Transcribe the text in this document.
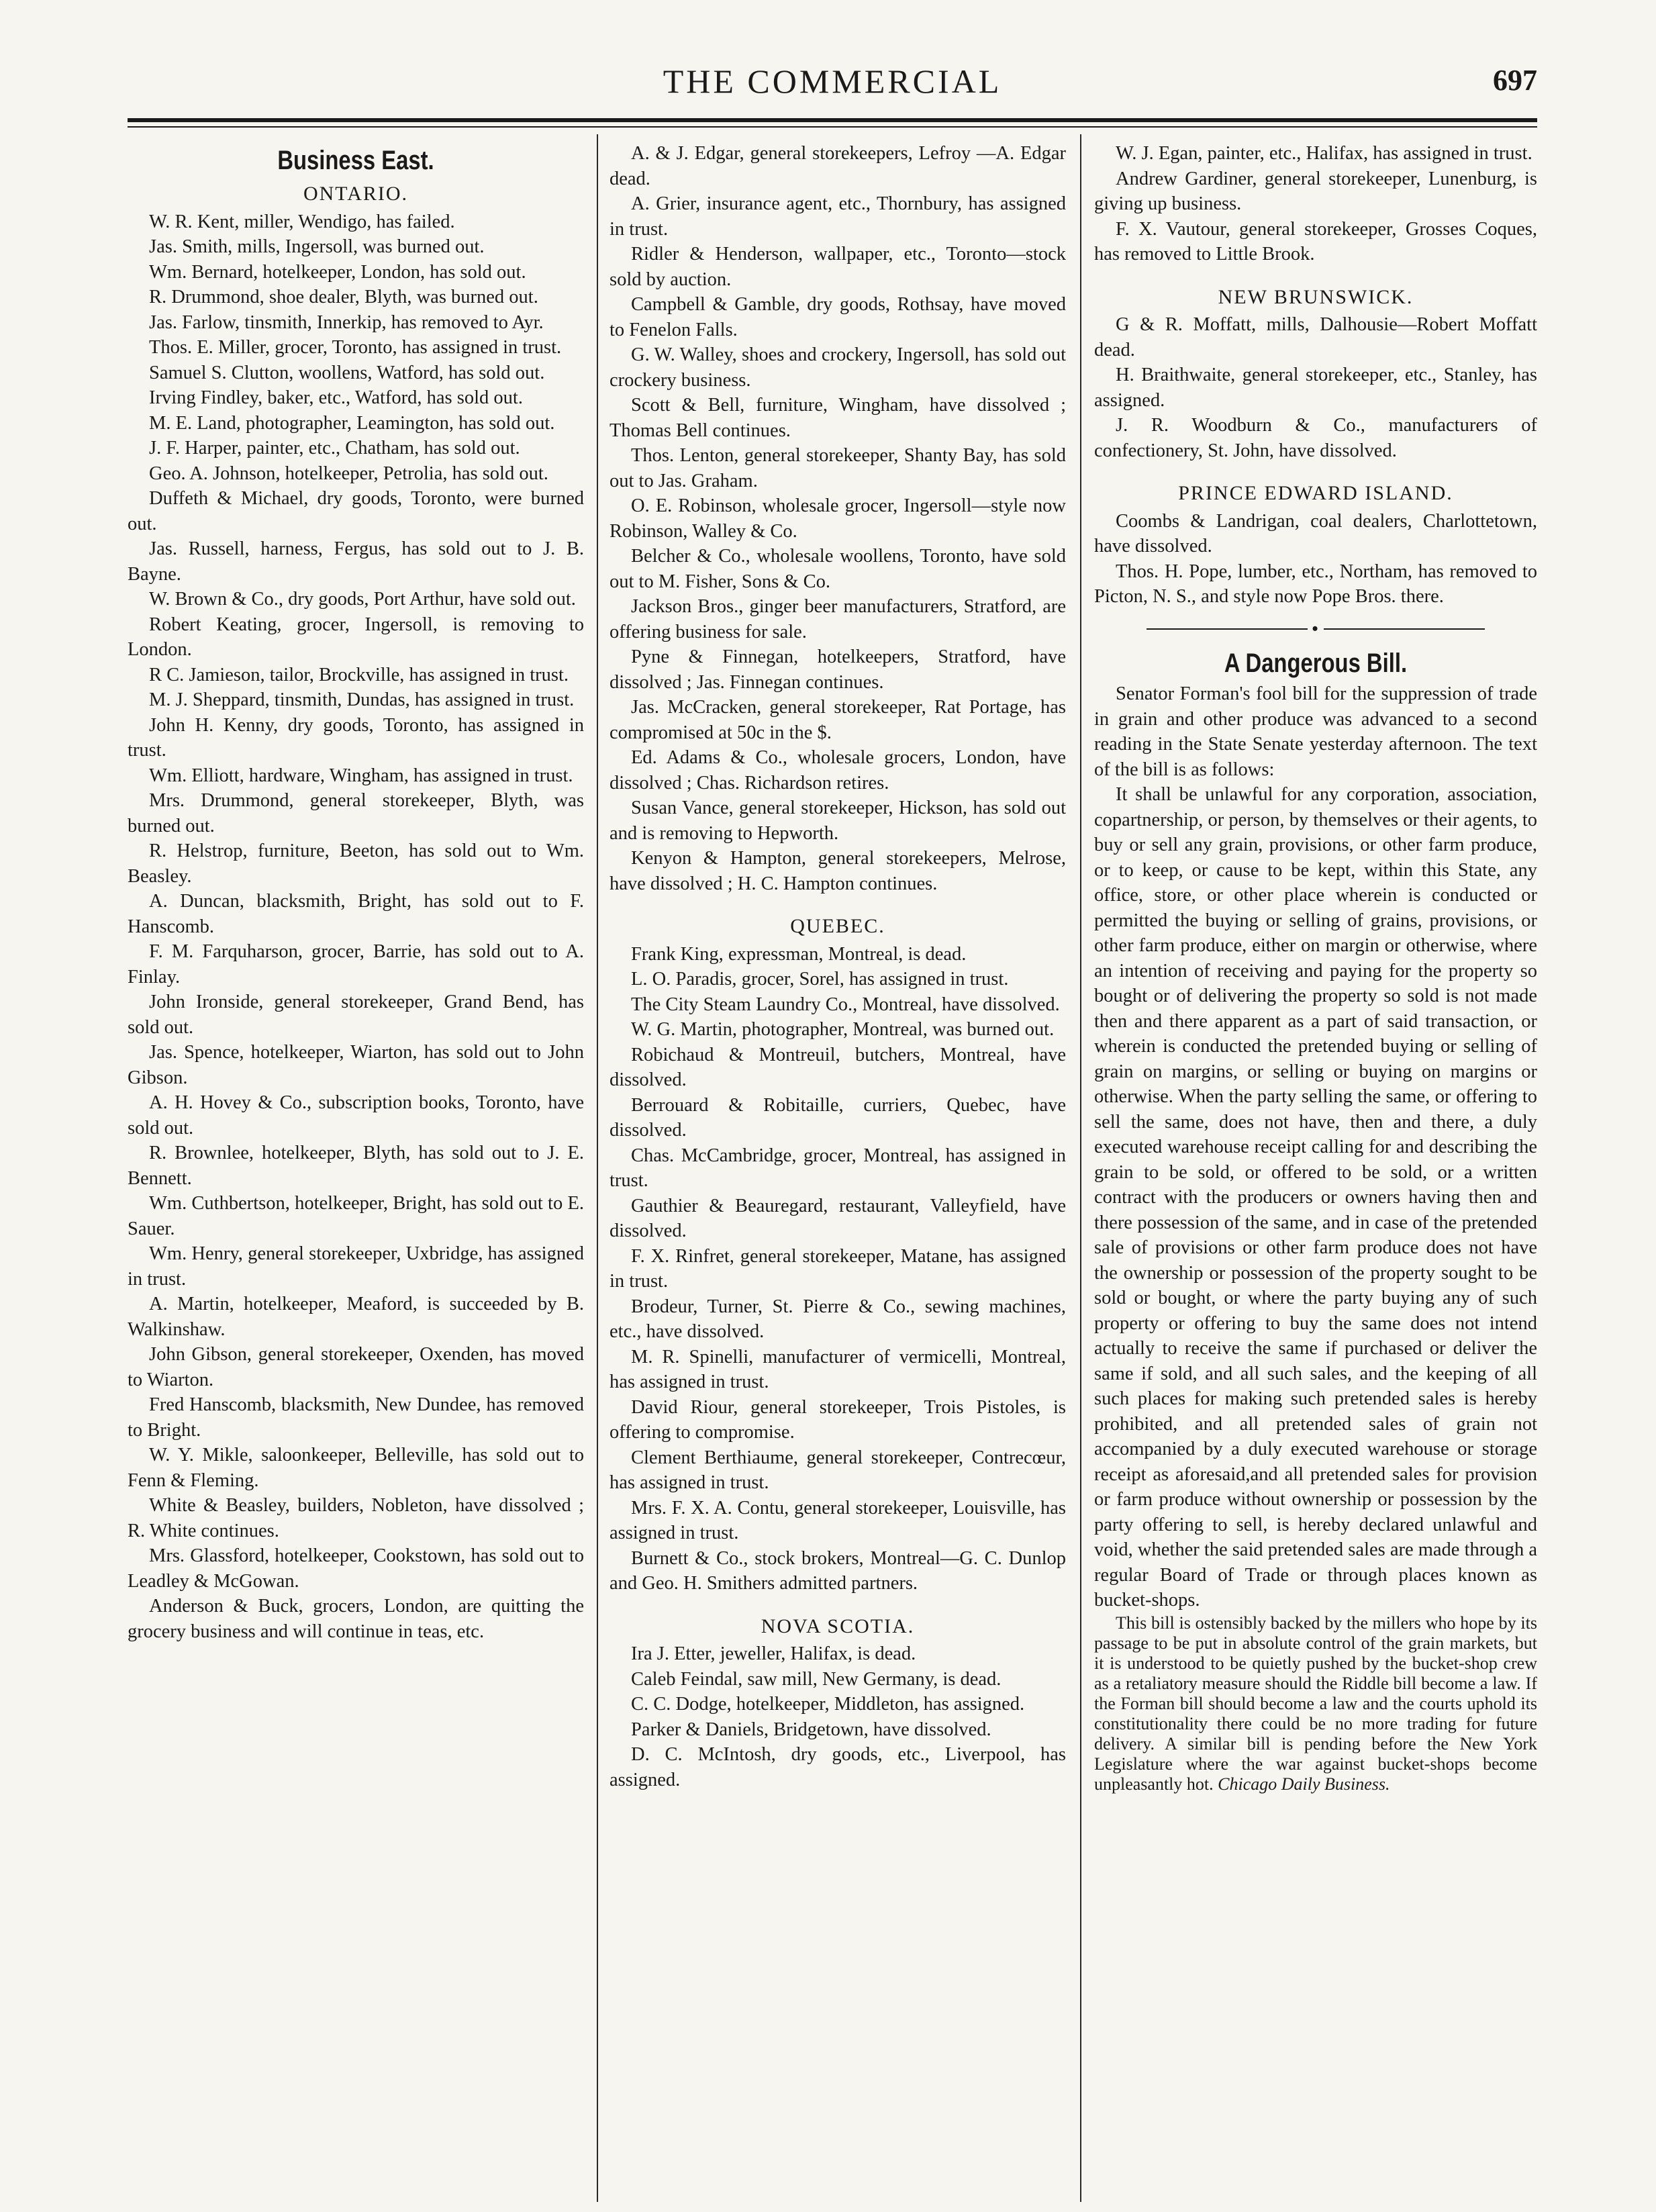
THE COMMERCIAL	697
Business East.
ONTARIO.

W. R. Kent, miller, Wendigo, has failed.

Jas. Smith, mills, Ingersoll, was burned out.

Wm. Bernard, hotelkeeper, London, has sold out.

R. Drummond, shoe dealer, Blyth, was burned out.

Jas. Farlow, tinsmith, Innerkip, has removed to Ayr.

Thos. E. Miller, grocer, Toronto, has assigned in trust.

Samuel S. Clutton, woollens, Watford, has sold out.

Irving Findley, baker, etc., Watford, has sold out.

M. E. Land, photographer, Leamington, has sold out.

J. F. Harper, painter, etc., Chatham, has sold out.

Geo. A. Johnson, hotelkeeper, Petrolia, has sold out.

Duffeth & Michael, dry goods, Toronto, were burned out.

Jas. Russell, harness, Fergus, has sold out to J. B. Bayne.

W. Brown & Co., dry goods, Port Arthur, have sold out.

Robert Keating, grocer, Ingersoll, is removing to London.

R C. Jamieson, tailor, Brockville, has assigned in trust.

M. J. Sheppard, tinsmith, Dundas, has assigned in trust.

John H. Kenny, dry goods, Toronto, has assigned in trust.

Wm. Elliott, hardware, Wingham, has assigned in trust.

Mrs. Drummond, general storekeeper, Blyth, was burned out.

R. Helstrop, furniture, Beeton, has sold out to Wm. Beasley.

A. Duncan, blacksmith, Bright, has sold out to F. Hanscomb.

F. M. Farquharson, grocer, Barrie, has sold out to A. Finlay.

John Ironside, general storekeeper, Grand Bend, has sold out.

Jas. Spence, hotelkeeper, Wiarton, has sold out to John Gibson.

A. H. Hovey & Co., subscription books, Toronto, have sold out.

R. Brownlee, hotelkeeper, Blyth, has sold out to J. E. Bennett.

Wm. Cuthbertson, hotelkeeper, Bright, has sold out to E. Sauer.

Wm. Henry, general storekeeper, Uxbridge, has assigned in trust.

A. Martin, hotelkeeper, Meaford, is succeeded by B. Walkinshaw.

John Gibson, general storekeeper, Oxenden, has moved to Wiarton.

Fred Hanscomb, blacksmith, New Dundee, has removed to Bright.

W. Y. Mikle, saloonkeeper, Belleville, has sold out to Fenn & Fleming.

White & Beasley, builders, Nobleton, have dissolved ; R. White continues.

Mrs. Glassford, hotelkeeper, Cookstown, has sold out to Leadley & McGowan.

Anderson & Buck, grocers, London, are quitting the grocery business and will continue in teas, etc.

A. & J. Edgar, general storekeepers, Lefroy —A. Edgar dead.

A. Grier, insurance agent, etc., Thornbury, has assigned in trust.

Ridler & Henderson, wallpaper, etc., Toronto—stock sold by auction.

Campbell & Gamble, dry goods, Rothsay, have moved to Fenelon Falls.

G. W. Walley, shoes and crockery, Ingersoll, has sold out crockery business.

Scott & Bell, furniture, Wingham, have dissolved ; Thomas Bell continues.

Thos. Lenton, general storekeeper, Shanty Bay, has sold out to Jas. Graham.

O. E. Robinson, wholesale grocer, Ingersoll—style now Robinson, Walley & Co.

Belcher & Co., wholesale woollens, Toronto, have sold out to M. Fisher, Sons & Co.

Jackson Bros., ginger beer manufacturers, Stratford, are offering business for sale.

Pyne & Finnegan, hotelkeepers, Stratford, have dissolved ; Jas. Finnegan continues.

Jas. McCracken, general storekeeper, Rat Portage, has compromised at 50c in the $.

Ed. Adams & Co., wholesale grocers, London, have dissolved ; Chas. Richardson retires.

Susan Vance, general storekeeper, Hickson, has sold out and is removing to Hepworth.

Kenyon & Hampton, general storekeepers, Melrose, have dissolved ; H. C. Hampton continues.

QUEBEC.

Frank King, expressman, Montreal, is dead.

L. O. Paradis, grocer, Sorel, has assigned in trust.

The City Steam Laundry Co., Montreal, have dissolved.

W. G. Martin, photographer, Montreal, was burned out.

Robichaud & Montreuil, butchers, Montreal, have dissolved.

Berrouard & Robitaille, curriers, Quebec, have dissolved.

Chas. McCambridge, grocer, Montreal, has assigned in trust.

Gauthier & Beauregard, restaurant, Valleyfield, have dissolved.

F. X. Rinfret, general storekeeper, Matane, has assigned in trust.

Brodeur, Turner, St. Pierre & Co., sewing machines, etc., have dissolved.

M. R. Spinelli, manufacturer of vermicelli, Montreal, has assigned in trust.

David Riour, general storekeeper, Trois Pistoles, is offering to compromise.

Clement Berthiaume, general storekeeper, Contrecœur, has assigned in trust.

Mrs. F. X. A. Contu, general storekeeper, Louisville, has assigned in trust.

Burnett & Co., stock brokers, Montreal—G. C. Dunlop and Geo. H. Smithers admitted partners.

NOVA SCOTIA.

Ira J. Etter, jeweller, Halifax, is dead.

Caleb Feindal, saw mill, New Germany, is dead.

C. C. Dodge, hotelkeeper, Middleton, has assigned.

Parker & Daniels, Bridgetown, have dissolved.

D. C. McIntosh, dry goods, etc., Liverpool, has assigned.

W. J. Egan, painter, etc., Halifax, has assigned in trust.

Andrew Gardiner, general storekeeper, Lunenburg, is giving up business.

F. X. Vautour, general storekeeper, Grosses Coques, has removed to Little Brook.

NEW BRUNSWICK.

G & R. Moffatt, mills, Dalhousie—Robert Moffatt dead.

H. Braithwaite, general storekeeper, etc., Stanley, has assigned.

J. R. Woodburn & Co., manufacturers of confectionery, St. John, have dissolved.

PRINCE EDWARD ISLAND.

Coombs & Landrigan, coal dealers, Charlottetown, have dissolved.

Thos. H. Pope, lumber, etc., Northam, has removed to Picton, N. S., and style now Pope Bros. there.

•
A Dangerous Bill.

Senator Forman's fool bill for the suppression of trade in grain and other produce was advanced to a second reading in the State Senate yesterday afternoon. The text of the bill is as follows:

It shall be unlawful for any corporation, association, copartnership, or person, by themselves or their agents, to buy or sell any grain, provisions, or other farm produce, or to keep, or cause to be kept, within this State, any office, store, or other place wherein is conducted or permitted the buying or selling of grains, provisions, or other farm produce, either on margin or otherwise, where an intention of receiving and paying for the property so bought or of delivering the property so sold is not made then and there apparent as a part of said transaction, or wherein is conducted the pretended buying or selling of grain on margins, or selling or buying on margins or otherwise. When the party selling the same, or offering to sell the same, does not have, then and there, a duly executed warehouse receipt calling for and describing the grain to be sold, or offered to be sold, or a written contract with the producers or owners having then and there possession of the same, and in case of the pretended sale of provisions or other farm produce does not have the ownership or possession of the property sought to be sold or bought, or where the party buying any of such property or offering to buy the same does not intend actually to receive the same if purchased or deliver the same if sold, and all such sales, and the keeping of all such places for making such pretended sales is hereby prohibited, and all pretended sales of grain not accompanied by a duly executed warehouse or storage receipt as aforesaid,and all pretended sales for provision or farm produce without ownership or possession by the party offering to sell, is hereby declared unlawful and void, whether the said pretended sales are made through a regular Board of Trade or through places known as bucket-shops.

This bill is ostensibly backed by the millers who hope by its passage to be put in absolute control of the grain markets, but it is understood to be quietly pushed by the bucket-shop crew as a retaliatory measure should the Riddle bill become a law. If the Forman bill should become a law and the courts uphold its constitutionality there could be no more trading for future delivery. A similar bill is pending before the New York Legislature where the war against bucket-shops become unpleasantly hot. Chicago Daily Business.
